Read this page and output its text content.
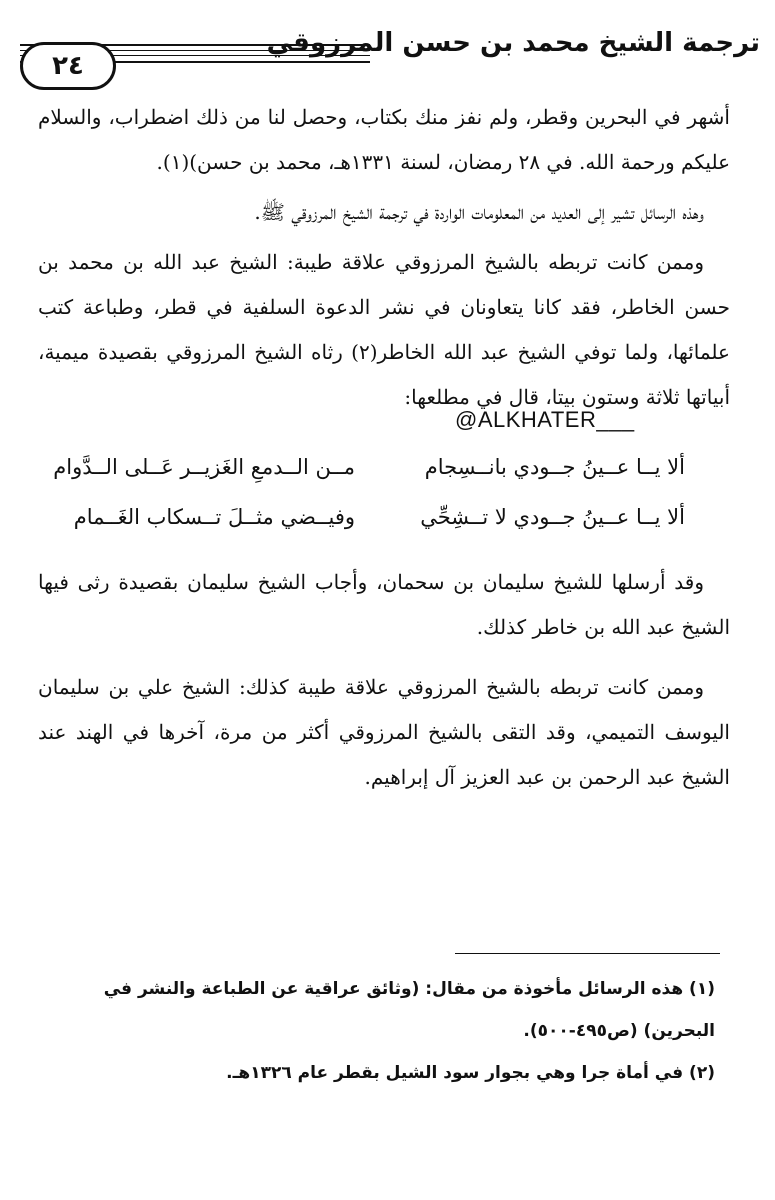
٢٤
ترجمة الشيخ محمد بن حسن المرزوقي

أشهر في البحرين وقطر، ولم نفز منك بكتاب، وحصل لنا من ذلك اضطراب، والسلام عليكم ورحمة الله. في ٢٨ رمضان، لسنة ١٣٣١هـ، محمد بن حسن)(١).

وهذه الرسائل تشير إلى العديد من المعلومات الواردة في ترجمة الشيخ المرزوقي ﷺ.

وممن كانت تربطه بالشيخ المرزوقي علاقة طيبة: الشيخ عبد الله بن محمد بن حسن الخاطر، فقد كانا يتعاونان في نشر الدعوة السلفية في قطر، وطباعة كتب علمائها، ولما توفي الشيخ عبد الله الخاطر(٢) رثاه الشيخ المرزوقي بقصيدة ميمية، أبياتها ثلاثة وستون بيتا، قال في مطلعها:

@ALKHATER___
ألا يــا عــينُ جــودي بانــسِجام
مــن الــدمعِ الغَزيــر عَــلى الــدَّوام
ألا يــا عــينُ جــودي لا تــشِحِّي
وفيــضي مثــلَ تــسكاب الغَــمام

وقد أرسلها للشيخ سليمان بن سحمان، وأجاب الشيخ سليمان بقصيدة رثى فيها الشيخ عبد الله بن خاطر كذلك.

وممن كانت تربطه بالشيخ المرزوقي علاقة طيبة كذلك: الشيخ علي بن سليمان اليوسف التميمي، وقد التقى بالشيخ المرزوقي أكثر من مرة، آخرها في الهند عند الشيخ عبد الرحمن بن عبد العزيز آل إبراهيم.

(١) هذه الرسائل مأخوذة من مقال: (وثائق عراقية عن الطباعة والنشر في البحرين) (ص٤٩٥-٥٠٠).

(٢) في أماة جرا وهي بجوار سود الشيل بقطر عام ١٣٢٦هـ.
